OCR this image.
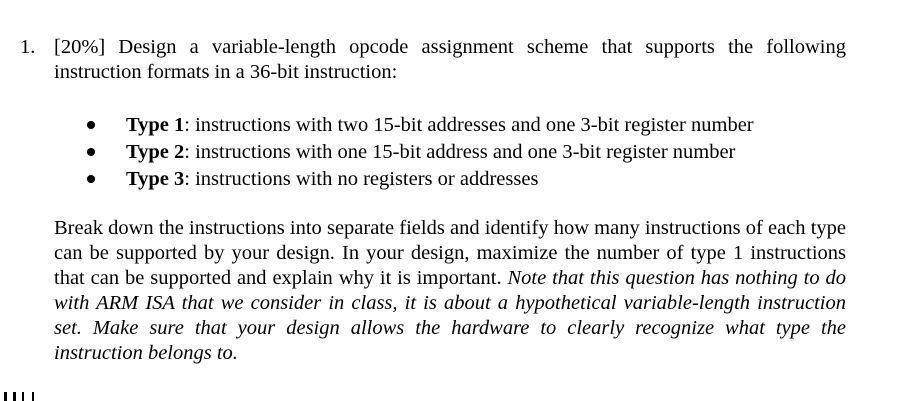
1. [20%] Design a variable-length opcode assignment scheme that supports the following instruction formats in a 36-bit instruction:
Type 1: instructions with two 15-bit addresses and one 3-bit register number
Type 2: instructions with one 15-bit address and one 3-bit register number
Type 3: instructions with no registers or addresses
Break down the instructions into separate fields and identify how many instructions of each type can be supported by your design. In your design, maximize the number of type 1 instructions that can be supported and explain why it is important. Note that this question has nothing to do with ARM ISA that we consider in class, it is about a hypothetical variable-length instruction set. Make sure that your design allows the hardware to clearly recognize what type the instruction belongs to.
